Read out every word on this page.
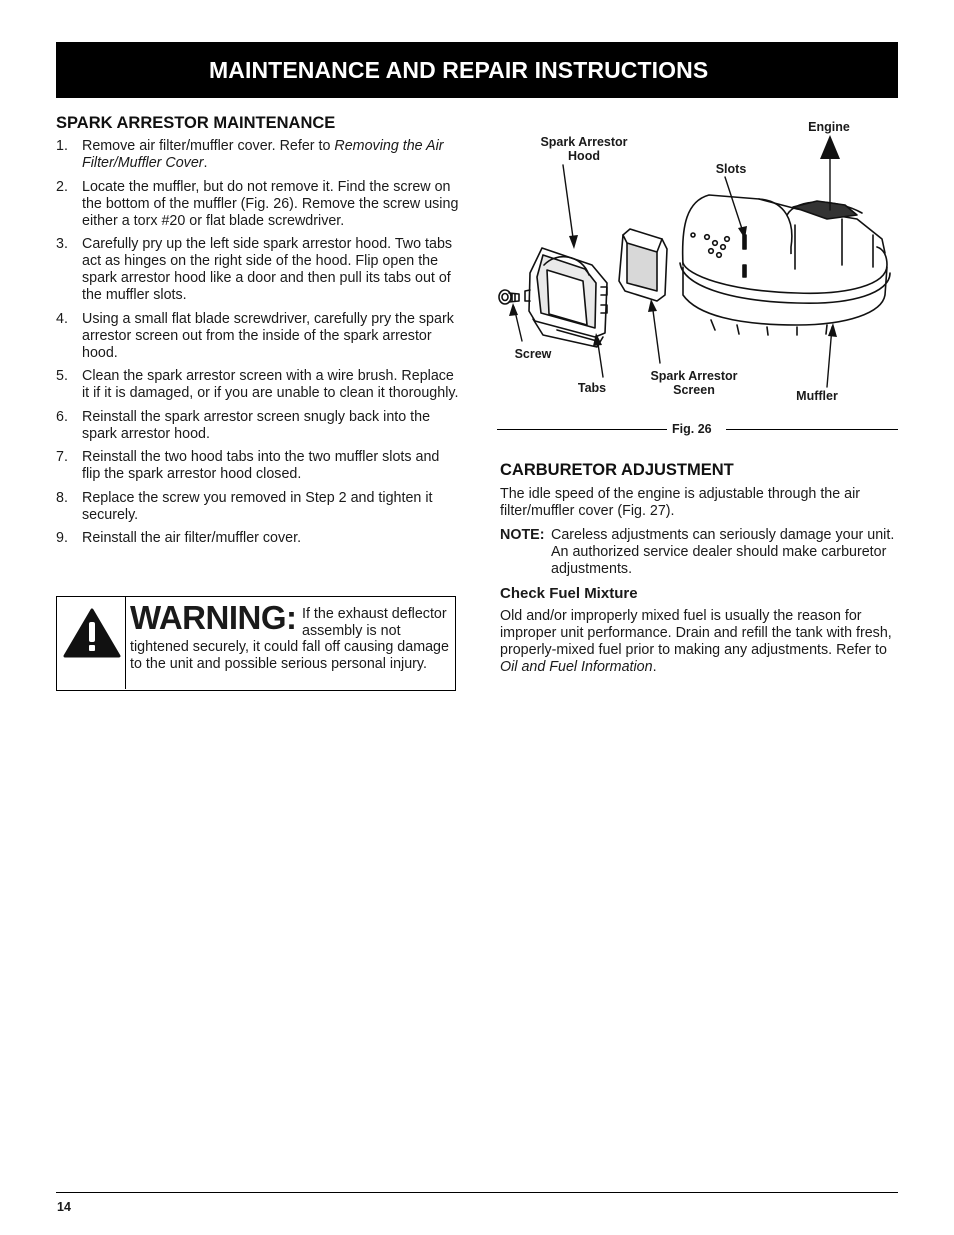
MAINTENANCE AND REPAIR INSTRUCTIONS
SPARK ARRESTOR MAINTENANCE
1. Remove air filter/muffler cover. Refer to Removing the Air Filter/Muffler Cover.
2. Locate the muffler, but do not remove it. Find the screw on the bottom of the muffler (Fig. 26). Remove the screw using either a torx #20 or flat blade screwdriver.
3. Carefully pry up the left side spark arrestor hood. Two tabs act as hinges on the right side of the hood. Flip open the spark arrestor hood like a door and then pull its tabs out of the muffler slots.
4. Using a small flat blade screwdriver, carefully pry the spark arrestor screen out from the inside of the spark arrestor hood.
5. Clean the spark arrestor screen with a wire brush. Replace it if it is damaged, or if you are unable to clean it thoroughly.
6. Reinstall the spark arrestor screen snugly back into the spark arrestor hood.
7. Reinstall the two hood tabs into the two muffler slots and flip the spark arrestor hood closed.
8. Replace the screw you removed in Step 2 and tighten it securely.
9. Reinstall the air filter/muffler cover.
WARNING: If the exhaust deflector assembly is not tightened securely, it could fall off causing damage to the unit and possible serious personal injury.
Spark Arrestor Hood
Engine
Slots
Screw
Tabs
Spark Arrestor Screen	Muffler
Fig. 26
CARBURETOR ADJUSTMENT
The idle speed of the engine is adjustable through the air filter/muffler cover (Fig. 27).
NOTE: Careless adjustments can seriously damage your unit. An authorized service dealer should make carburetor adjustments.
Check Fuel Mixture
Old and/or improperly mixed fuel is usually the reason for improper unit performance. Drain and refill the tank with fresh, properly-mixed fuel prior to making any adjustments. Refer to Oil and Fuel Information.
14
